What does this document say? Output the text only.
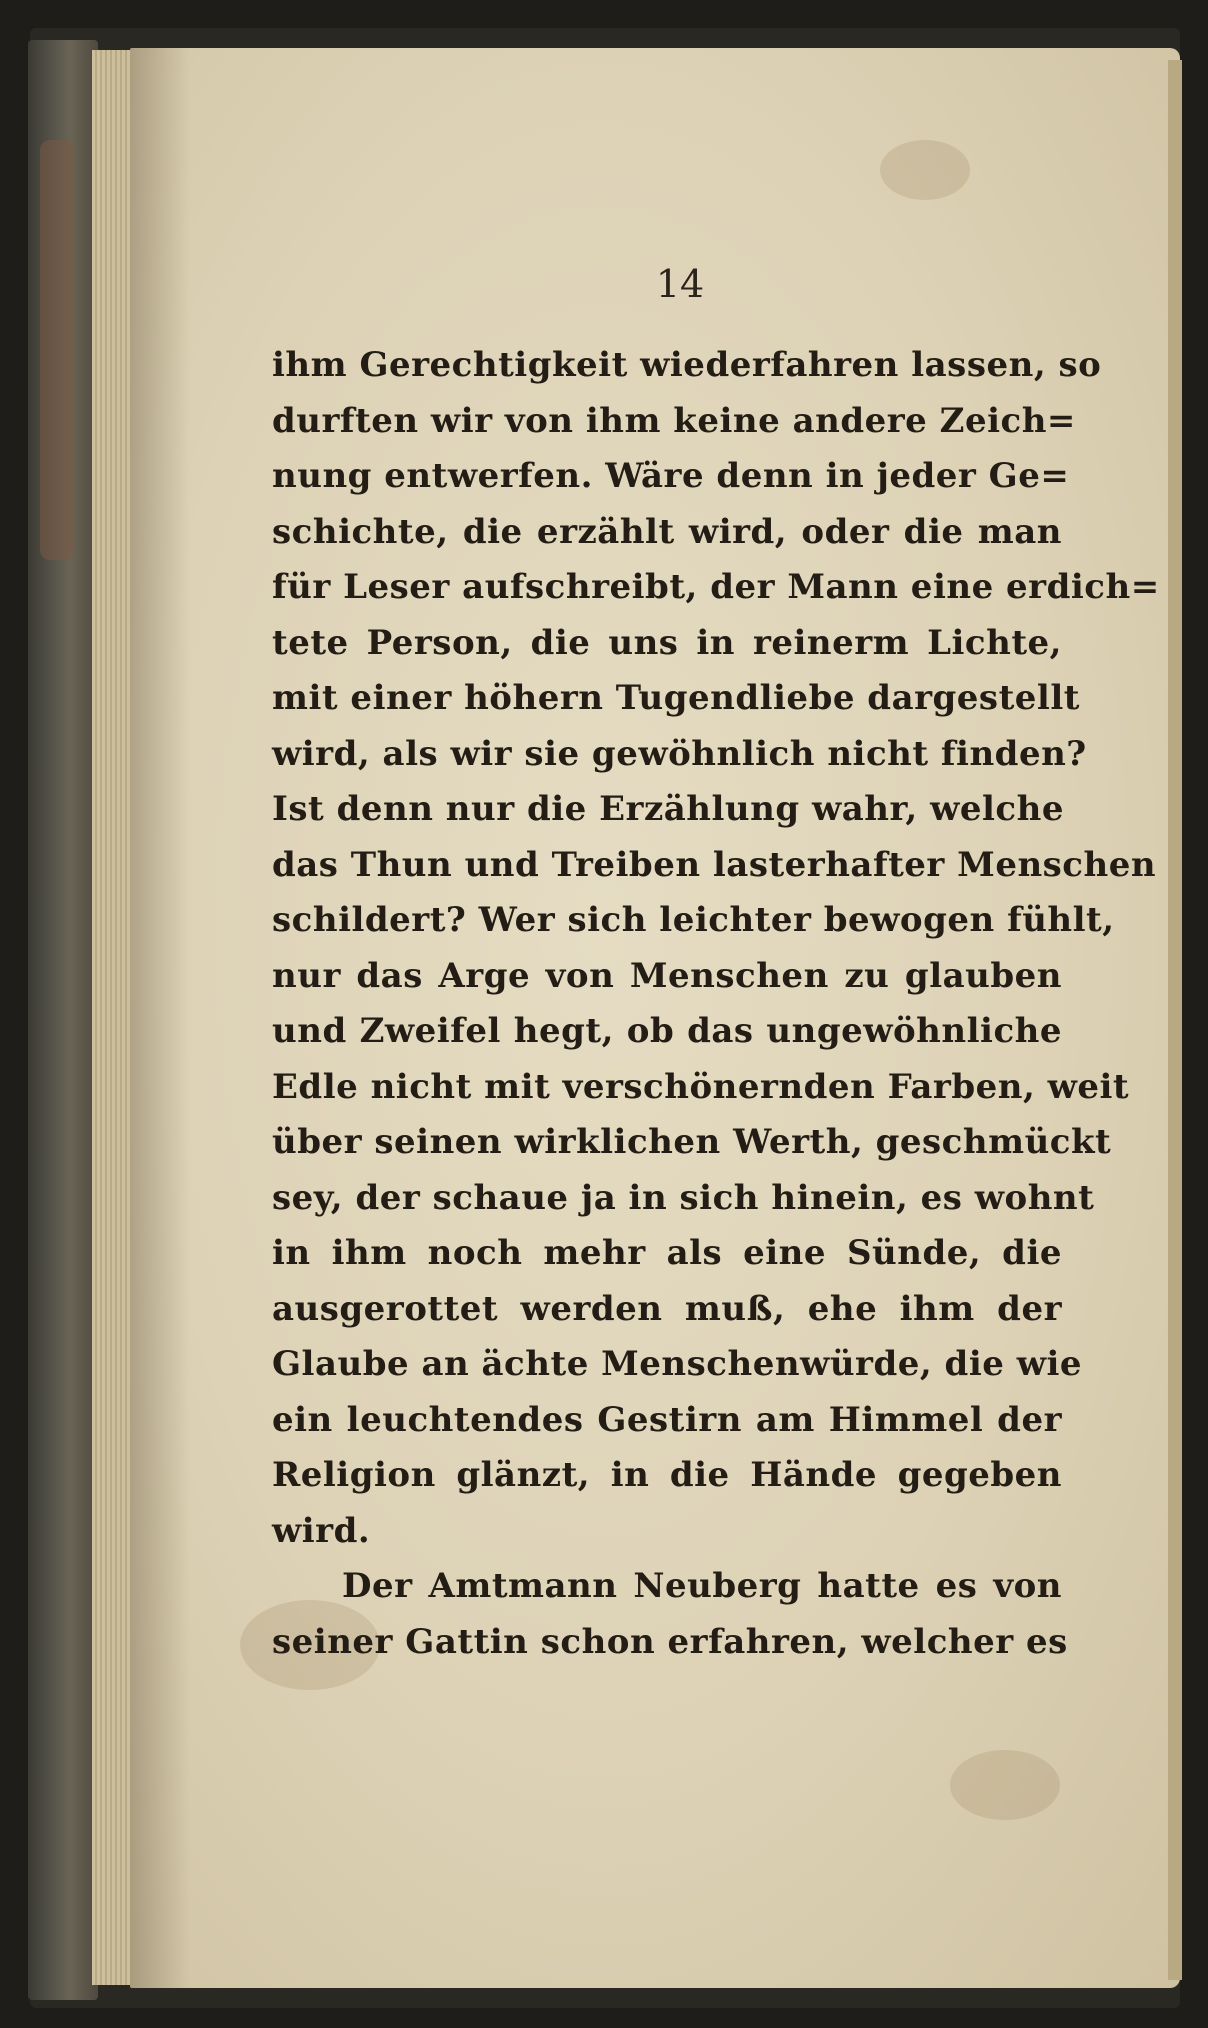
14
ihm Gerechtigkeit wiederfahren lassen, so
durften wir von ihm keine andere Zeich=
nung entwerfen. Wäre denn in jeder Ge=
schichte, die erzählt wird, oder die man
für Leser aufschreibt, der Mann eine erdich=
tete Person, die uns in reinerm Lichte,
mit einer höhern Tugendliebe dargestellt
wird, als wir sie gewöhnlich nicht finden?
Ist denn nur die Erzählung wahr, welche
das Thun und Treiben lasterhafter Menschen
schildert? Wer sich leichter bewogen fühlt,
nur das Arge von Menschen zu glauben
und Zweifel hegt, ob das ungewöhnliche
Edle nicht mit verschönernden Farben, weit
über seinen wirklichen Werth, geschmückt
sey, der schaue ja in sich hinein, es wohnt
in ihm noch mehr als eine Sünde, die
ausgerottet werden muß, ehe ihm der
Glaube an ächte Menschenwürde, die wie
ein leuchtendes Gestirn am Himmel der
Religion glänzt, in die Hände gegeben
wird.
Der Amtmann Neuberg hatte es von
seiner Gattin schon erfahren, welcher es
